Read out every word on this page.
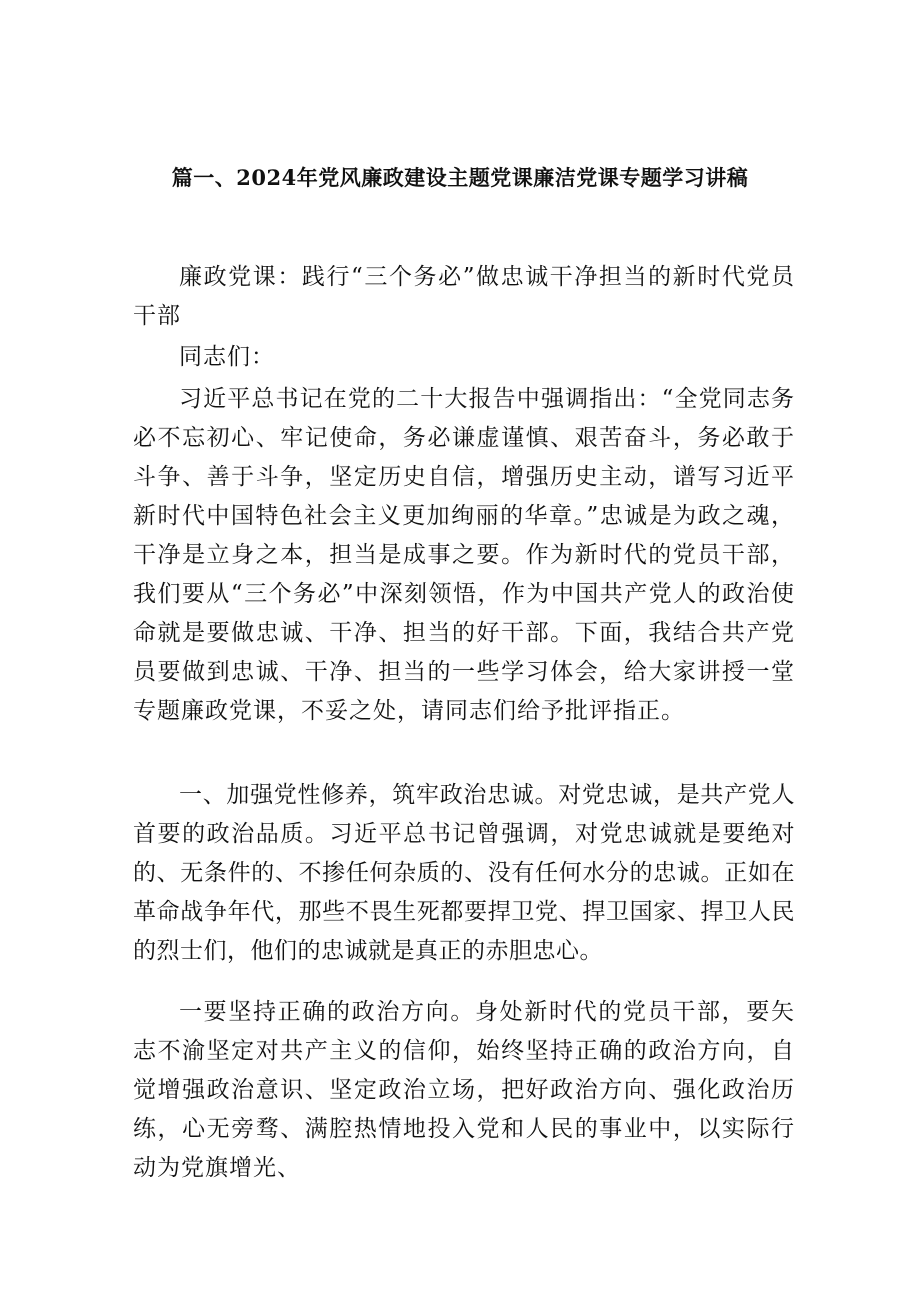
篇一、2024年党风廉政建设主题党课廉洁党课专题学习讲稿

廉政党课：践行“三个务必”做忠诚干净担当的新时代党员干部

同志们：

习近平总书记在党的二十大报告中强调指出：“全党同志务必不忘初心、牢记使命，务必谦虚谨慎、艰苦奋斗，务必敢于斗争、善于斗争，坚定历史自信，增强历史主动，谱写习近平新时代中国特色社会主义更加绚丽的华章。”忠诚是为政之魂，干净是立身之本，担当是成事之要。作为新时代的党员干部，我们要从“三个务必”中深刻领悟，作为中国共产党人的政治使命就是要做忠诚、干净、担当的好干部。下面，我结合共产党员要做到忠诚、干净、担当的一些学习体会，给大家讲授一堂专题廉政党课，不妥之处，请同志们给予批评指正。

一、加强党性修养，筑牢政治忠诚。对党忠诚，是共产党人首要的政治品质。习近平总书记曾强调，对党忠诚就是要绝对的、无条件的、不掺任何杂质的、没有任何水分的忠诚。正如在革命战争年代，那些不畏生死都要捍卫党、捍卫国家、捍卫人民的烈士们，他们的忠诚就是真正的赤胆忠心。

一要坚持正确的政治方向。身处新时代的党员干部，要矢志不渝坚定对共产主义的信仰，始终坚持正确的政治方向，自觉增强政治意识、坚定政治立场，把好政治方向、强化政治历练，心无旁骛、满腔热情地投入党和人民的事业中，以实际行动为党旗增光、
